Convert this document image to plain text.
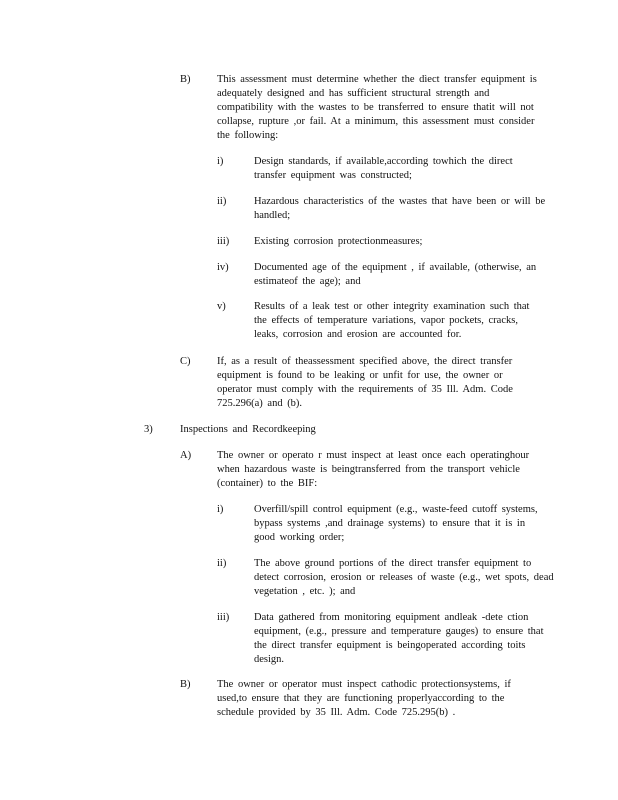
B)	This assessment must determine whether the dìect transfer equipment is adequately designed and has sufficient structural strength and compatibility with the wastes to be transferred to ensure thatit will not collapse, rupture ,or fail. At a minimum, this assessment must consider the following:

i)	Design standards, if available,according towhich the direct transfer equipment was constructed;

ii)	Hazardous characteristics of the wastes that have been or will be handled;

iii) Existing corrosion protectionmeasures;

iv) Documented age of the equipment , if available, (otherwise, an estimateof the age); and

v)	Results of a leak test or other integrity examination such that the effects of temperature variations, vapor pockets, cracks, leaks, corrosion and erosion are accounted for.

C)	If, as a result of theassessment specified above, the direct transfer equipment is found to be leaking or unfit for use, the owner or operator must comply with the requirements of 35 Ill. Adm. Code 725.296(a) and (b).

3)	Inspections and Recordkeeping

A) The owner or operato r must inspect at least once each operatinghour when hazardous waste is beingtransferred from the transport vehicle (container) to the BIF:

i)	Overfill/spill control equipment (e.g., waste-feed cutoff systems, bypass systems ,and drainage systems) to ensure that it is in good working order;

ii)	The above ground portions of the direct transfer equipment to detect corrosion, erosion or releases of waste (e.g., wet spots, dead vegetation , etc. ); and

iii) Data gathered from monitoring equipment andleak -dete ction equipment, (e.g., pressure and temperature gauges) to ensure that the direct transfer equipment is beingoperated according toits design.

B)	The owner or operator must inspect cathodic protectionsystems, if used,to ensure that they are functioning properlyaccording to the schedule provided by 35 Ill. Adm. Code 725.295(b) .
